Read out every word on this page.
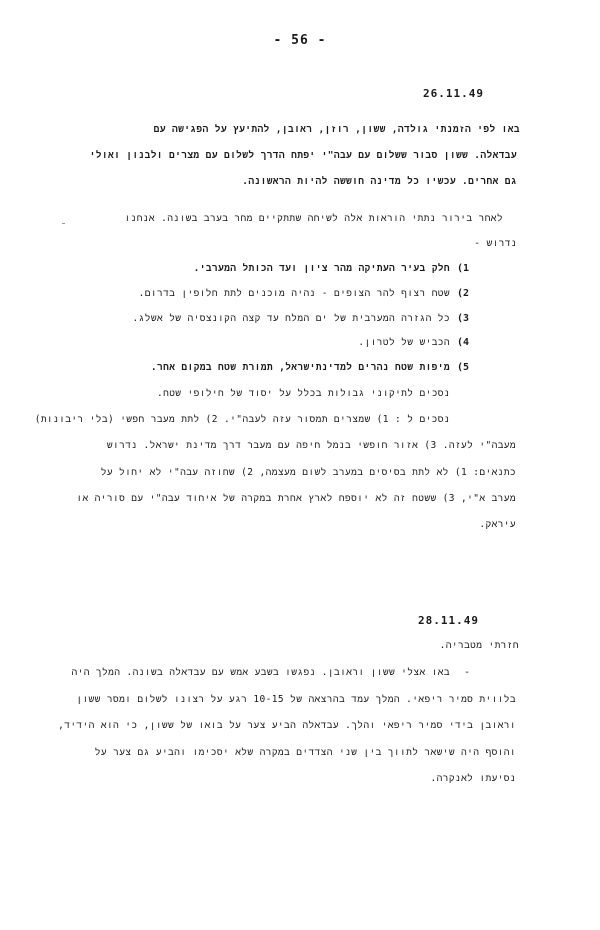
- 56 -
26.11.49
באו לפי הזמנתי גולדה, ששון, רוזן, ראובן, להתיעץ על הפגישה עם
עבדאלה. ששון סבור ששלום עם עבה"י יפתח הדרך לשלום עם מצרים ולבנון ואולי
גם אחרים. עכשיו כל מדינה חוששה להיות הראשונה.
לאחר בירור נתתי הוראות אלה לשיחה שתתקיים מחר בערב בשונה. אנחנו
נדרוש -
1)
חלק בעיר העתיקה מהר ציון ועד הכותל המערבי.
2)
שטח רצוף להר הצופים - נהיה מוכנים לתת חלופין בדרום.
3)
כל הגזרה המערבית של ים המלח עד קצה הקונצסיה של אשלג.
4)
הכביש של לטרון.
5)
מיפות שטח נהרים למדינתישראל, תמורת שטח במקום אחר.
נסכים לתיקוני גבולות בכלל על יסוד של חילופי שטח.
נסכים ל : 1) שמצרים תמסור עזה לעבה"י. 2) לתת מעבר חפשי (בלי ריבונות)
מעבה"י לעזה. 3) אזור חופשי בנמל חיפה עם מעבר דרך מדינת ישראל. נדרוש
כתנאים: 1) לא לתת בסיסים במערב לשום מעצמה, 2) שחוזה עבה"י לא יחול על
מערב א"י, 3) ששטח זה לא יוספח לארץ אחרת במקרה של איחוד עבה"י עם סוריה או
עיראק.
28.11.49
חזרתי מטבריה.
-
באו אצלי ששון וראובן. נפגשו בשבע אמש עם עבדאלה בשונה. המלך היה
בלווית סמיר ריפאי. המלך עמד בהרצאה של 10-15 רגע על רצונו לשלום ומסר ששון
וראובן בידי סמיר ריפאי והלך. עבדאלה הביע צער על בואו של ששון, כי הוא הידיד,
והוסף היה שישאר לתווך בין שני הצדדים במקרה שלא יסכימו והביע גם צער על
נסיעתו לאנקרה.
